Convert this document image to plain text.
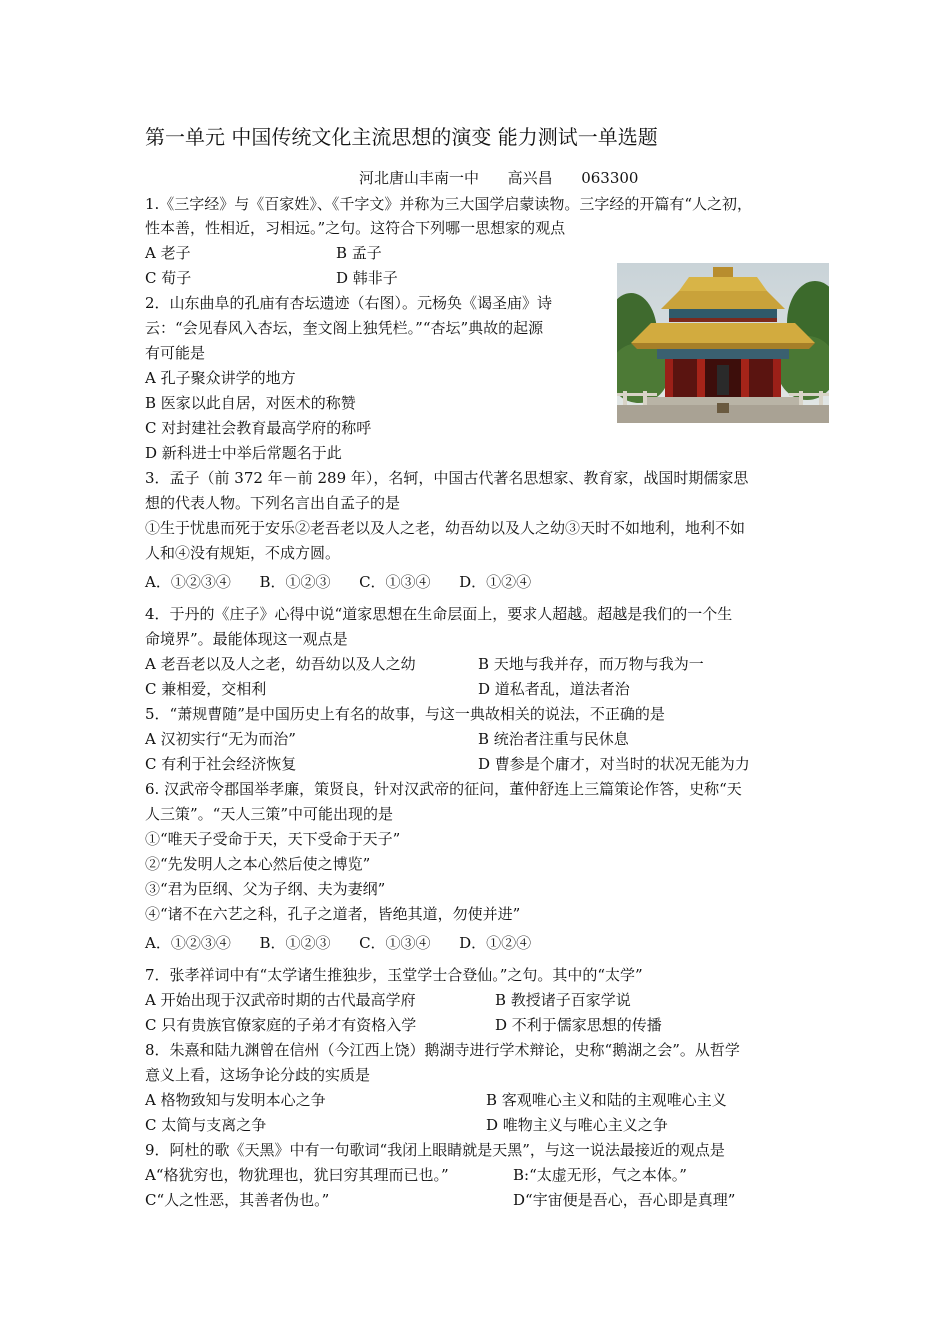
第一单元 中国传统文化主流思想的演变 能力测试一单选题
河北唐山丰南一中      高兴昌      063300
1.《三字经》与《百家姓》、《千字文》并称为三大国学启蒙读物。三字经的开篇有“人之初，
性本善，性相近，习相远。”之句。这符合下列哪一思想家的观点
A 老子	B 孟子
C 荀子	D 韩非子
2．山东曲阜的孔庙有杏坛遗迹（右图）。元杨奂《谒圣庙》诗
云：“会见春风入杏坛，奎文阁上独凭栏。”“杏坛”典故的起源
有可能是
A 孔子聚众讲学的地方
B 医家以此自居，对医术的称赞
C 对封建社会教育最高学府的称呼
D 新科进士中举后常题名于此
3．孟子（前 372 年－前 289 年），名轲，中国古代著名思想家、教育家，战国时期儒家思
想的代表人物。下列名言出自孟子的是
①生于忧患而死于安乐②老吾老以及人之老，幼吾幼以及人之幼③天时不如地利，地利不如
人和④没有规矩，不成方圆。
A．①②③④      B．①②③      C．①③④      D．①②④
4．于丹的《庄子》心得中说“道家思想在生命层面上，要求人超越。超越是我们的一个生
命境界”。最能体现这一观点是
A 老吾老以及人之老，幼吾幼以及人之幼	B 天地与我并存，而万物与我为一
C 兼相爱，交相利	D 道私者乱，道法者治
5．“萧规曹随”是中国历史上有名的故事，与这一典故相关的说法，不正确的是
A 汉初实行“无为而治”	B 统治者注重与民休息
C 有利于社会经济恢复	D 曹参是个庸才，对当时的状况无能为力
6. 汉武帝令郡国举孝廉，策贤良，针对汉武帝的征问，董仲舒连上三篇策论作答，史称“天
人三策”。“天人三策”中可能出现的是
①“唯天子受命于天，天下受命于天子”
②“先发明人之本心然后使之博览”
③“君为臣纲、父为子纲、夫为妻纲”
④“诸不在六艺之科，孔子之道者，皆绝其道，勿使并进”
A．①②③④      B．①②③      C．①③④      D．①②④
7．张孝祥词中有“太学诸生推独步，玉堂学士合登仙。”之句。其中的“太学”
A 开始出现于汉武帝时期的古代最高学府	B 教授诸子百家学说
C 只有贵族官僚家庭的子弟才有资格入学	D 不利于儒家思想的传播
8．朱熹和陆九渊曾在信州（今江西上饶）鹅湖寺进行学术辩论，史称“鹅湖之会”。从哲学
意义上看，这场争论分歧的实质是
A 格物致知与发明本心之争	B 客观唯心主义和陆的主观唯心主义
C 太简与支离之争	D 唯物主义与唯心主义之争
9．阿杜的歌《天黑》中有一句歌词“我闭上眼睛就是天黑”，与这一说法最接近的观点是
A“格犹穷也，物犹理也，犹曰穷其理而已也。”	B:“太虚无形，气之本体。”
C“人之性恶，其善者伪也。”	D“宇宙便是吾心，吾心即是真理”
